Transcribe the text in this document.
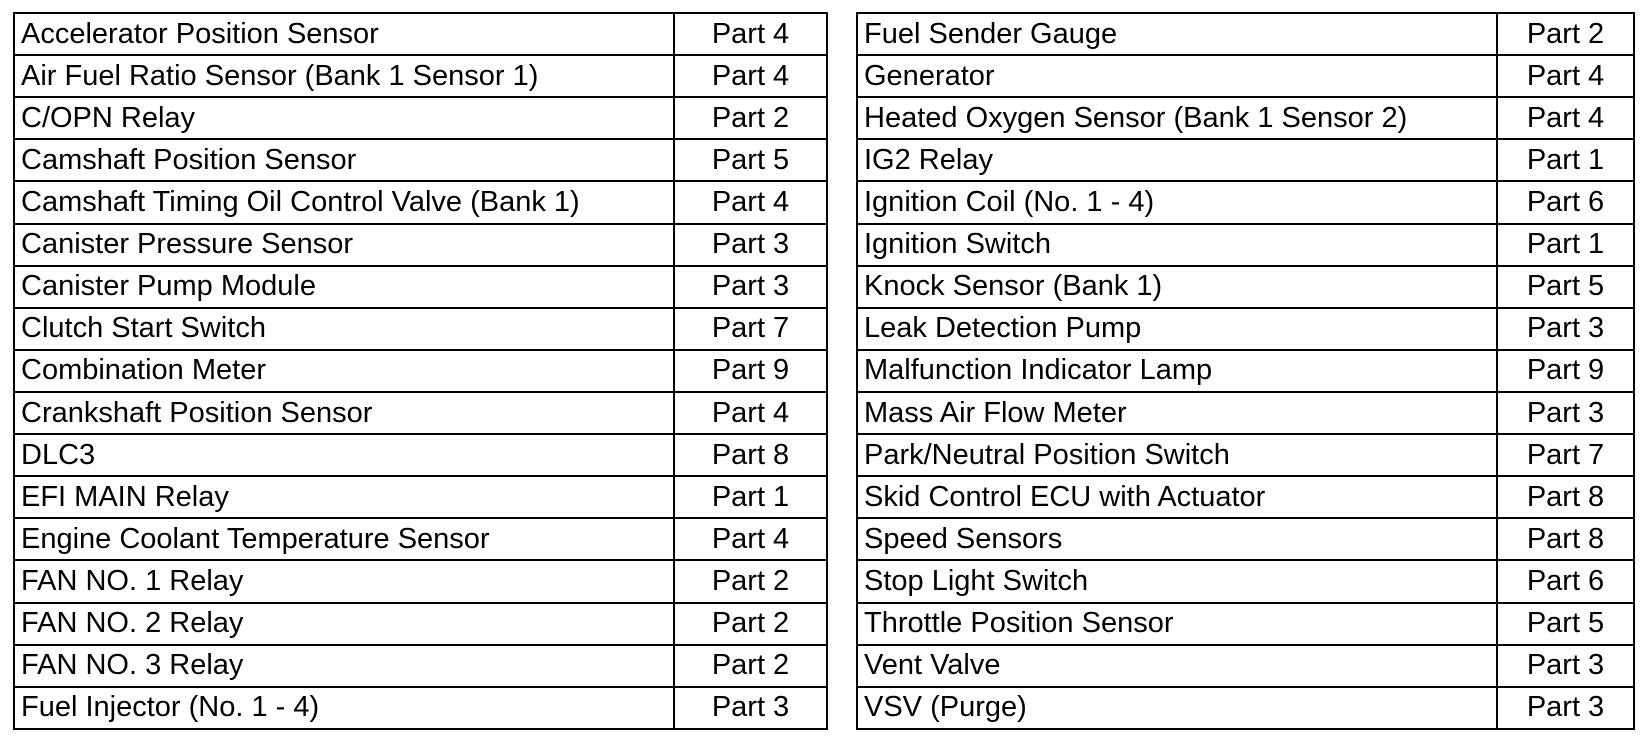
Accelerator Position Sensor	Part 4
Air Fuel Ratio Sensor (Bank 1 Sensor 1)	Part 4
C/OPN Relay	Part 2
Camshaft Position Sensor	Part 5
Camshaft Timing Oil Control Valve (Bank 1)	Part 4
Canister Pressure Sensor	Part 3
Canister Pump Module	Part 3
Clutch Start Switch	Part 7
Combination Meter	Part 9
Crankshaft Position Sensor	Part 4
DLC3	Part 8
EFI MAIN Relay	Part 1
Engine Coolant Temperature Sensor	Part 4
FAN NO. 1 Relay	Part 2
FAN NO. 2 Relay	Part 2
FAN NO. 3 Relay	Part 2
Fuel Injector (No. 1 - 4)	Part 3
Fuel Sender Gauge	Part 2
Generator	Part 4
Heated Oxygen Sensor (Bank 1 Sensor 2)	Part 4
IG2 Relay	Part 1
Ignition Coil (No. 1 - 4)	Part 6
Ignition Switch	Part 1
Knock Sensor (Bank 1)	Part 5
Leak Detection Pump	Part 3
Malfunction Indicator Lamp	Part 9
Mass Air Flow Meter	Part 3
Park/Neutral Position Switch	Part 7
Skid Control ECU with Actuator	Part 8
Speed Sensors	Part 8
Stop Light Switch	Part 6
Throttle Position Sensor	Part 5
Vent Valve	Part 3
VSV (Purge)	Part 3
